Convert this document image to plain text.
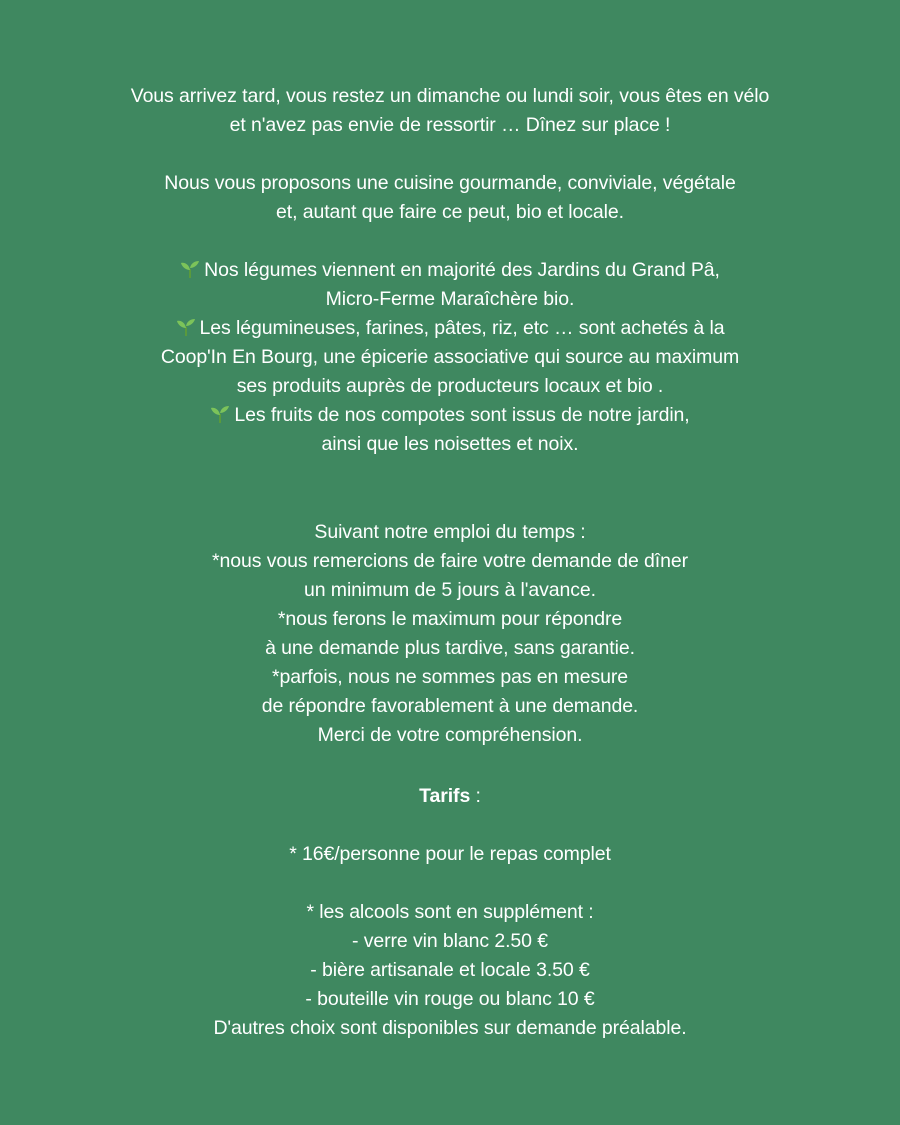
Vous arrivez tard, vous restez un dimanche ou lundi soir, vous êtes en vélo
et n'avez pas envie de ressortir … Dînez sur place !
Nous vous proposons une cuisine gourmande, conviviale, végétale
et, autant que faire ce peut, bio et locale.
Nos légumes viennent en majorité des Jardins du Grand Pâ,
Micro-Ferme Maraîchère bio.
Les légumineuses, farines, pâtes, riz, etc … sont achetés à la
Coop'In En Bourg, une épicerie associative qui source au maximum
ses produits auprès de producteurs locaux et bio .
Les fruits de nos compotes sont issus de notre jardin,
ainsi que les noisettes et noix.
Suivant notre emploi du temps :
*nous vous remercions de faire votre demande de dîner
un minimum de 5 jours à l'avance.
*nous ferons le maximum pour répondre
à une demande plus tardive, sans garantie.
*parfois, nous ne sommes pas en mesure
de répondre favorablement à une demande.
Merci de votre compréhension.
Tarifs :
* 16€/personne pour le repas complet
* les alcools sont en supplément :
- verre vin blanc 2.50 €
- bière artisanale et locale 3.50 €
- bouteille vin rouge ou blanc 10 €
D'autres choix sont disponibles sur demande préalable.
